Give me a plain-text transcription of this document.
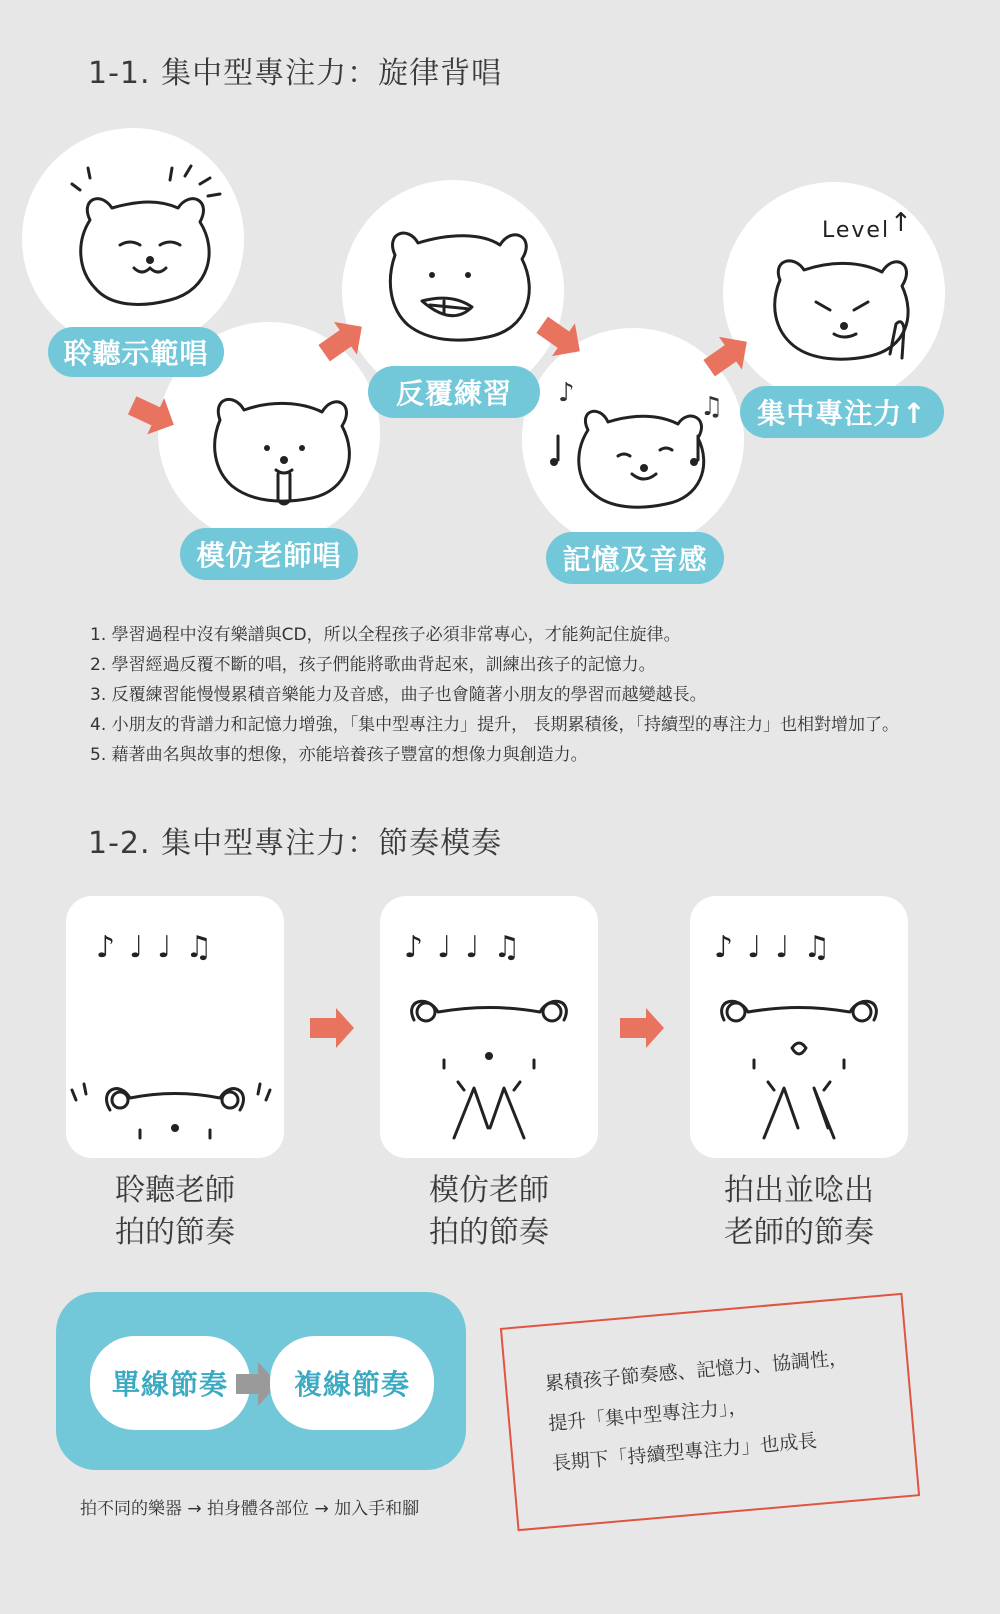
1-1. 集中型專注力：旋律背唱
Level ↑
♪	♫
聆聽示範唱
模仿老師唱
反覆練習
記憶及音感
集中專注力↑
1. 學習過程中沒有樂譜與CD，所以全程孩子必須非常專心，才能夠記住旋律。
2. 學習經過反覆不斷的唱，孩子們能將歌曲背起來，訓練出孩子的記憶力。
3. 反覆練習能慢慢累積音樂能力及音感，曲子也會隨著小朋友的學習而越變越長。
4. 小朋友的背譜力和記憶力增強，「集中型專注力」提升， 長期累積後，「持續型的專注力」也相對增加了。
5. 藉著曲名與故事的想像，亦能培養孩子豐富的想像力與創造力。
1-2. 集中型專注力：節奏模奏
♪♩♩♫	♪♩♩♫	♪♩♩♫
聆聽老師
拍的節奏
模仿老師
拍的節奏
拍出並唸出
老師的節奏
單線節奏	複線節奏
拍不同的樂器 → 拍身體各部位 → 加入手和腳
累積孩子節奏感、記憶力、協調性，
提升「集中型專注力」，
長期下「持續型專注力」也成長
